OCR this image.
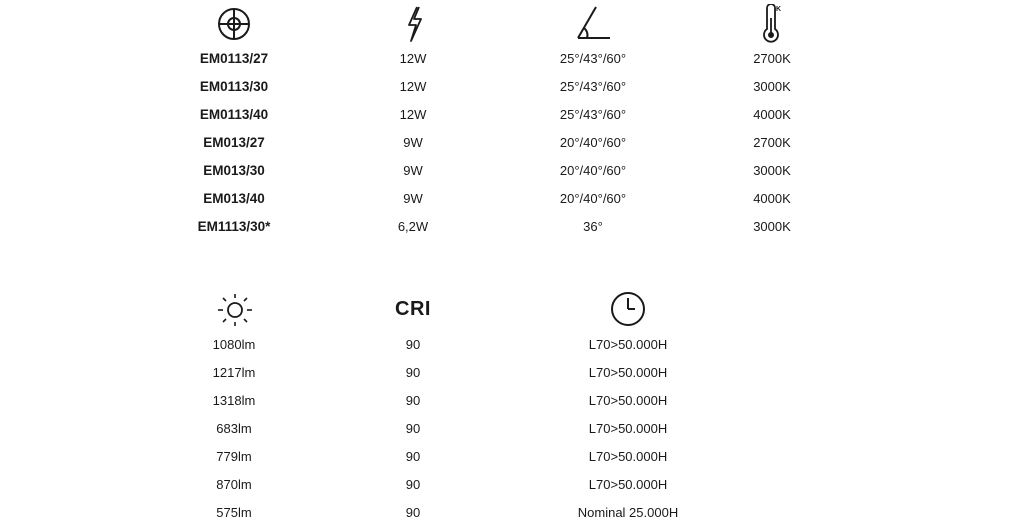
K
EM0113/27	12W	25°/43°/60°	2700K
EM0113/30	12W	25°/43°/60°	3000K
EM0113/40	12W	25°/43°/60°	4000K
EM013/27	9W	20°/40°/60°	2700K
EM013/30	9W	20°/40°/60°	3000K
EM013/40	9W	20°/40°/60°	4000K
EM1113/30*	6,2W	36°	3000K
CRI
1080lm	90	L70>50.000H
1217lm	90	L70>50.000H
1318lm	90	L70>50.000H
683lm	90	L70>50.000H
779lm	90	L70>50.000H
870lm	90	L70>50.000H
575lm	90	Nominal 25.000H
